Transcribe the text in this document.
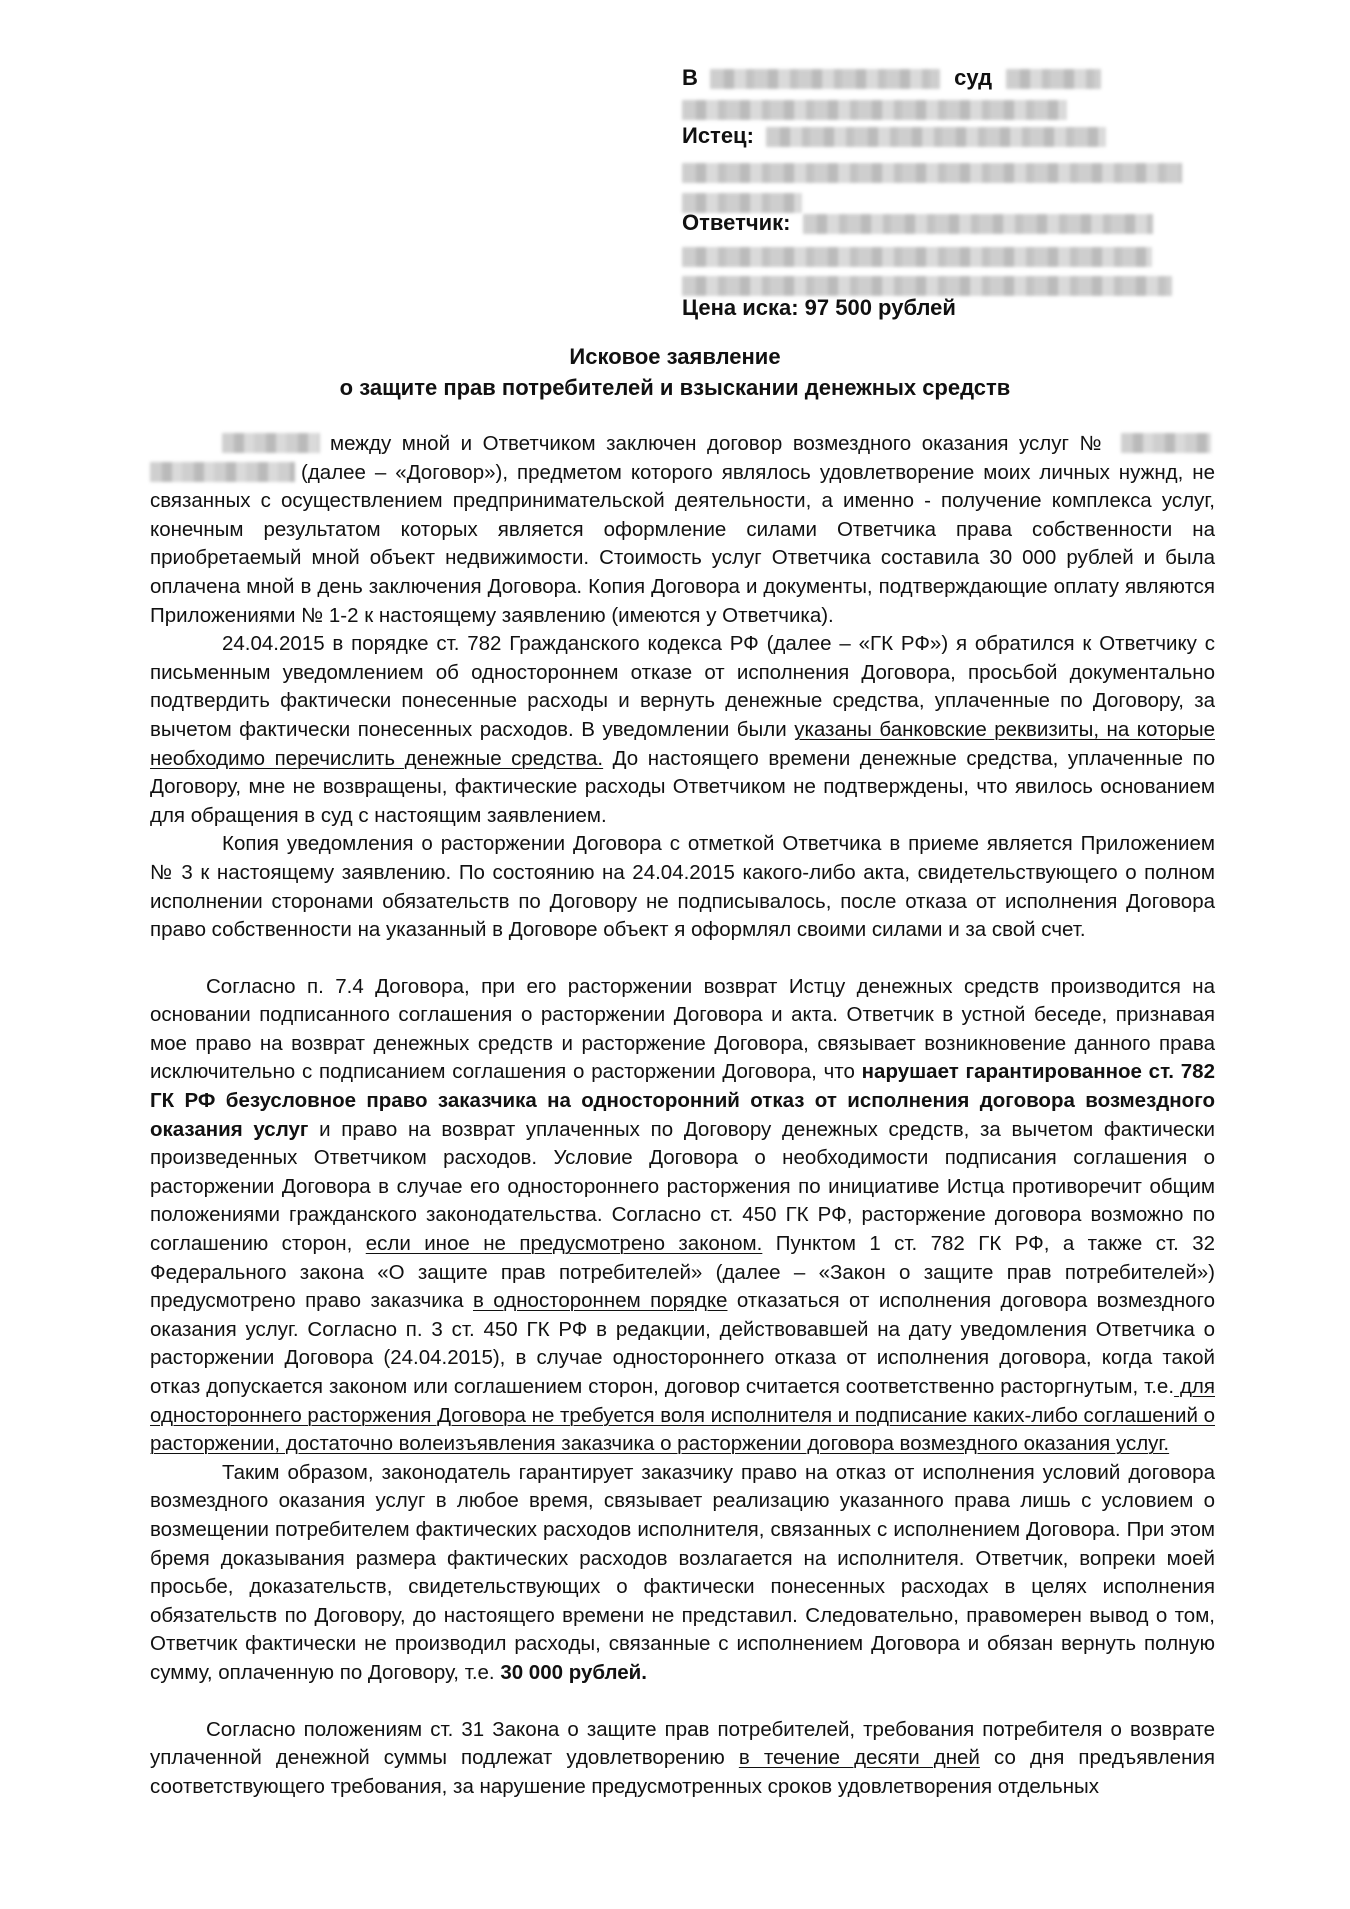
В	суд
Истец:
Ответчик:
Цена иска: 97 500 рублей
Исковое заявление
о защите прав потребителей и взыскании денежных средств

между мной и Ответчиком заключен договор возмездного оказания услуг №  (далее – «Договор»), предметом которого являлось удовлетворение моих личных нужнд, не связанных с осуществлением предпринимательской деятельности, а именно - получение комплекса услуг, конечным результатом которых является оформление силами Ответчика права собственности на приобретаемый мной объект недвижимости. Стоимость услуг Ответчика составила 30 000 рублей и была оплачена мной в день заключения Договора. Копия Договора и документы, подтверждающие оплату являются Приложениями № 1-2 к настоящему заявлению (имеются у Ответчика).

24.04.2015 в порядке ст. 782 Гражданского кодекса РФ (далее – «ГК РФ») я обратился к Ответчику с письменным уведомлением об одностороннем отказе от исполнения Договора, просьбой документально подтвердить фактически понесенные расходы и вернуть денежные средства, уплаченные по Договору, за вычетом фактически понесенных расходов. В уведомлении были указаны банковские реквизиты, на которые необходимо перечислить денежные средства. До настоящего времени денежные средства, уплаченные по Договору, мне не возвращены, фактические расходы Ответчиком не подтверждены, что явилось основанием для обращения в суд с настоящим заявлением.

Копия уведомления о расторжении Договора с отметкой Ответчика в приеме является Приложением № 3 к настоящему заявлению. По состоянию на 24.04.2015 какого-либо акта, свидетельствующего о полном исполнении сторонами обязательств по Договору не подписывалось, после отказа от исполнения Договора право собственности на указанный в Договоре объект я оформлял своими силами и за свой счет.

Согласно п. 7.4 Договора, при его расторжении возврат Истцу денежных средств производится на основании подписанного соглашения о расторжении Договора и акта. Ответчик в устной беседе, признавая мое право на возврат денежных средств и расторжение Договора, связывает возникновение данного права исключительно с подписанием соглашения о расторжении Договора, что нарушает гарантированное ст. 782 ГК РФ безусловное право заказчика на односторонний отказ от исполнения договора возмездного оказания услуг и право на возврат уплаченных по Договору денежных средств, за вычетом фактически произведенных Ответчиком расходов. Условие Договора о необходимости подписания соглашения о расторжении Договора в случае его одностороннего расторжения по инициативе Истца противоречит общим положениями гражданского законодательства. Согласно ст. 450 ГК РФ, расторжение договора возможно по соглашению сторон, если иное не предусмотрено законом. Пунктом 1 ст. 782 ГК РФ, а также ст. 32 Федерального закона «О защите прав потребителей» (далее – «Закон о защите прав потребителей») предусмотрено право заказчика в одностороннем порядке отказаться от исполнения договора возмездного оказания услуг. Согласно п. 3 ст. 450 ГК РФ в редакции, действовавшей на дату уведомления Ответчика о расторжении Договора (24.04.2015), в случае одностороннего отказа от исполнения договора, когда такой отказ допускается законом или соглашением сторон, договор считается соответственно расторгнутым, т.е. для одностороннего расторжения Договора не требуется воля исполнителя и подписание каких-либо соглашений о расторжении, достаточно волеизъявления заказчика о расторжении договора возмездного оказания услуг.

Таким образом, законодатель гарантирует заказчику право на отказ от исполнения условий договора возмездного оказания услуг в любое время, связывает реализацию указанного права лишь с условием о возмещении потребителем фактических расходов исполнителя, связанных с исполнением Договора. При этом бремя доказывания размера фактических расходов возлагается на исполнителя. Ответчик, вопреки моей просьбе, доказательств, свидетельствующих о фактически понесенных расходах в целях исполнения обязательств по Договору, до настоящего времени не представил. Следовательно, правомерен вывод о том, Ответчик фактически не производил расходы, связанные с исполнением Договора и обязан вернуть полную сумму, оплаченную по Договору, т.е. 30 000 рублей.

Согласно положениям ст. 31 Закона о защите прав потребителей, требования потребителя о возврате уплаченной денежной суммы подлежат удовлетворению в течение десяти дней со дня предъявления соответствующего требования, за нарушение предусмотренных сроков удовлетворения отдельных
